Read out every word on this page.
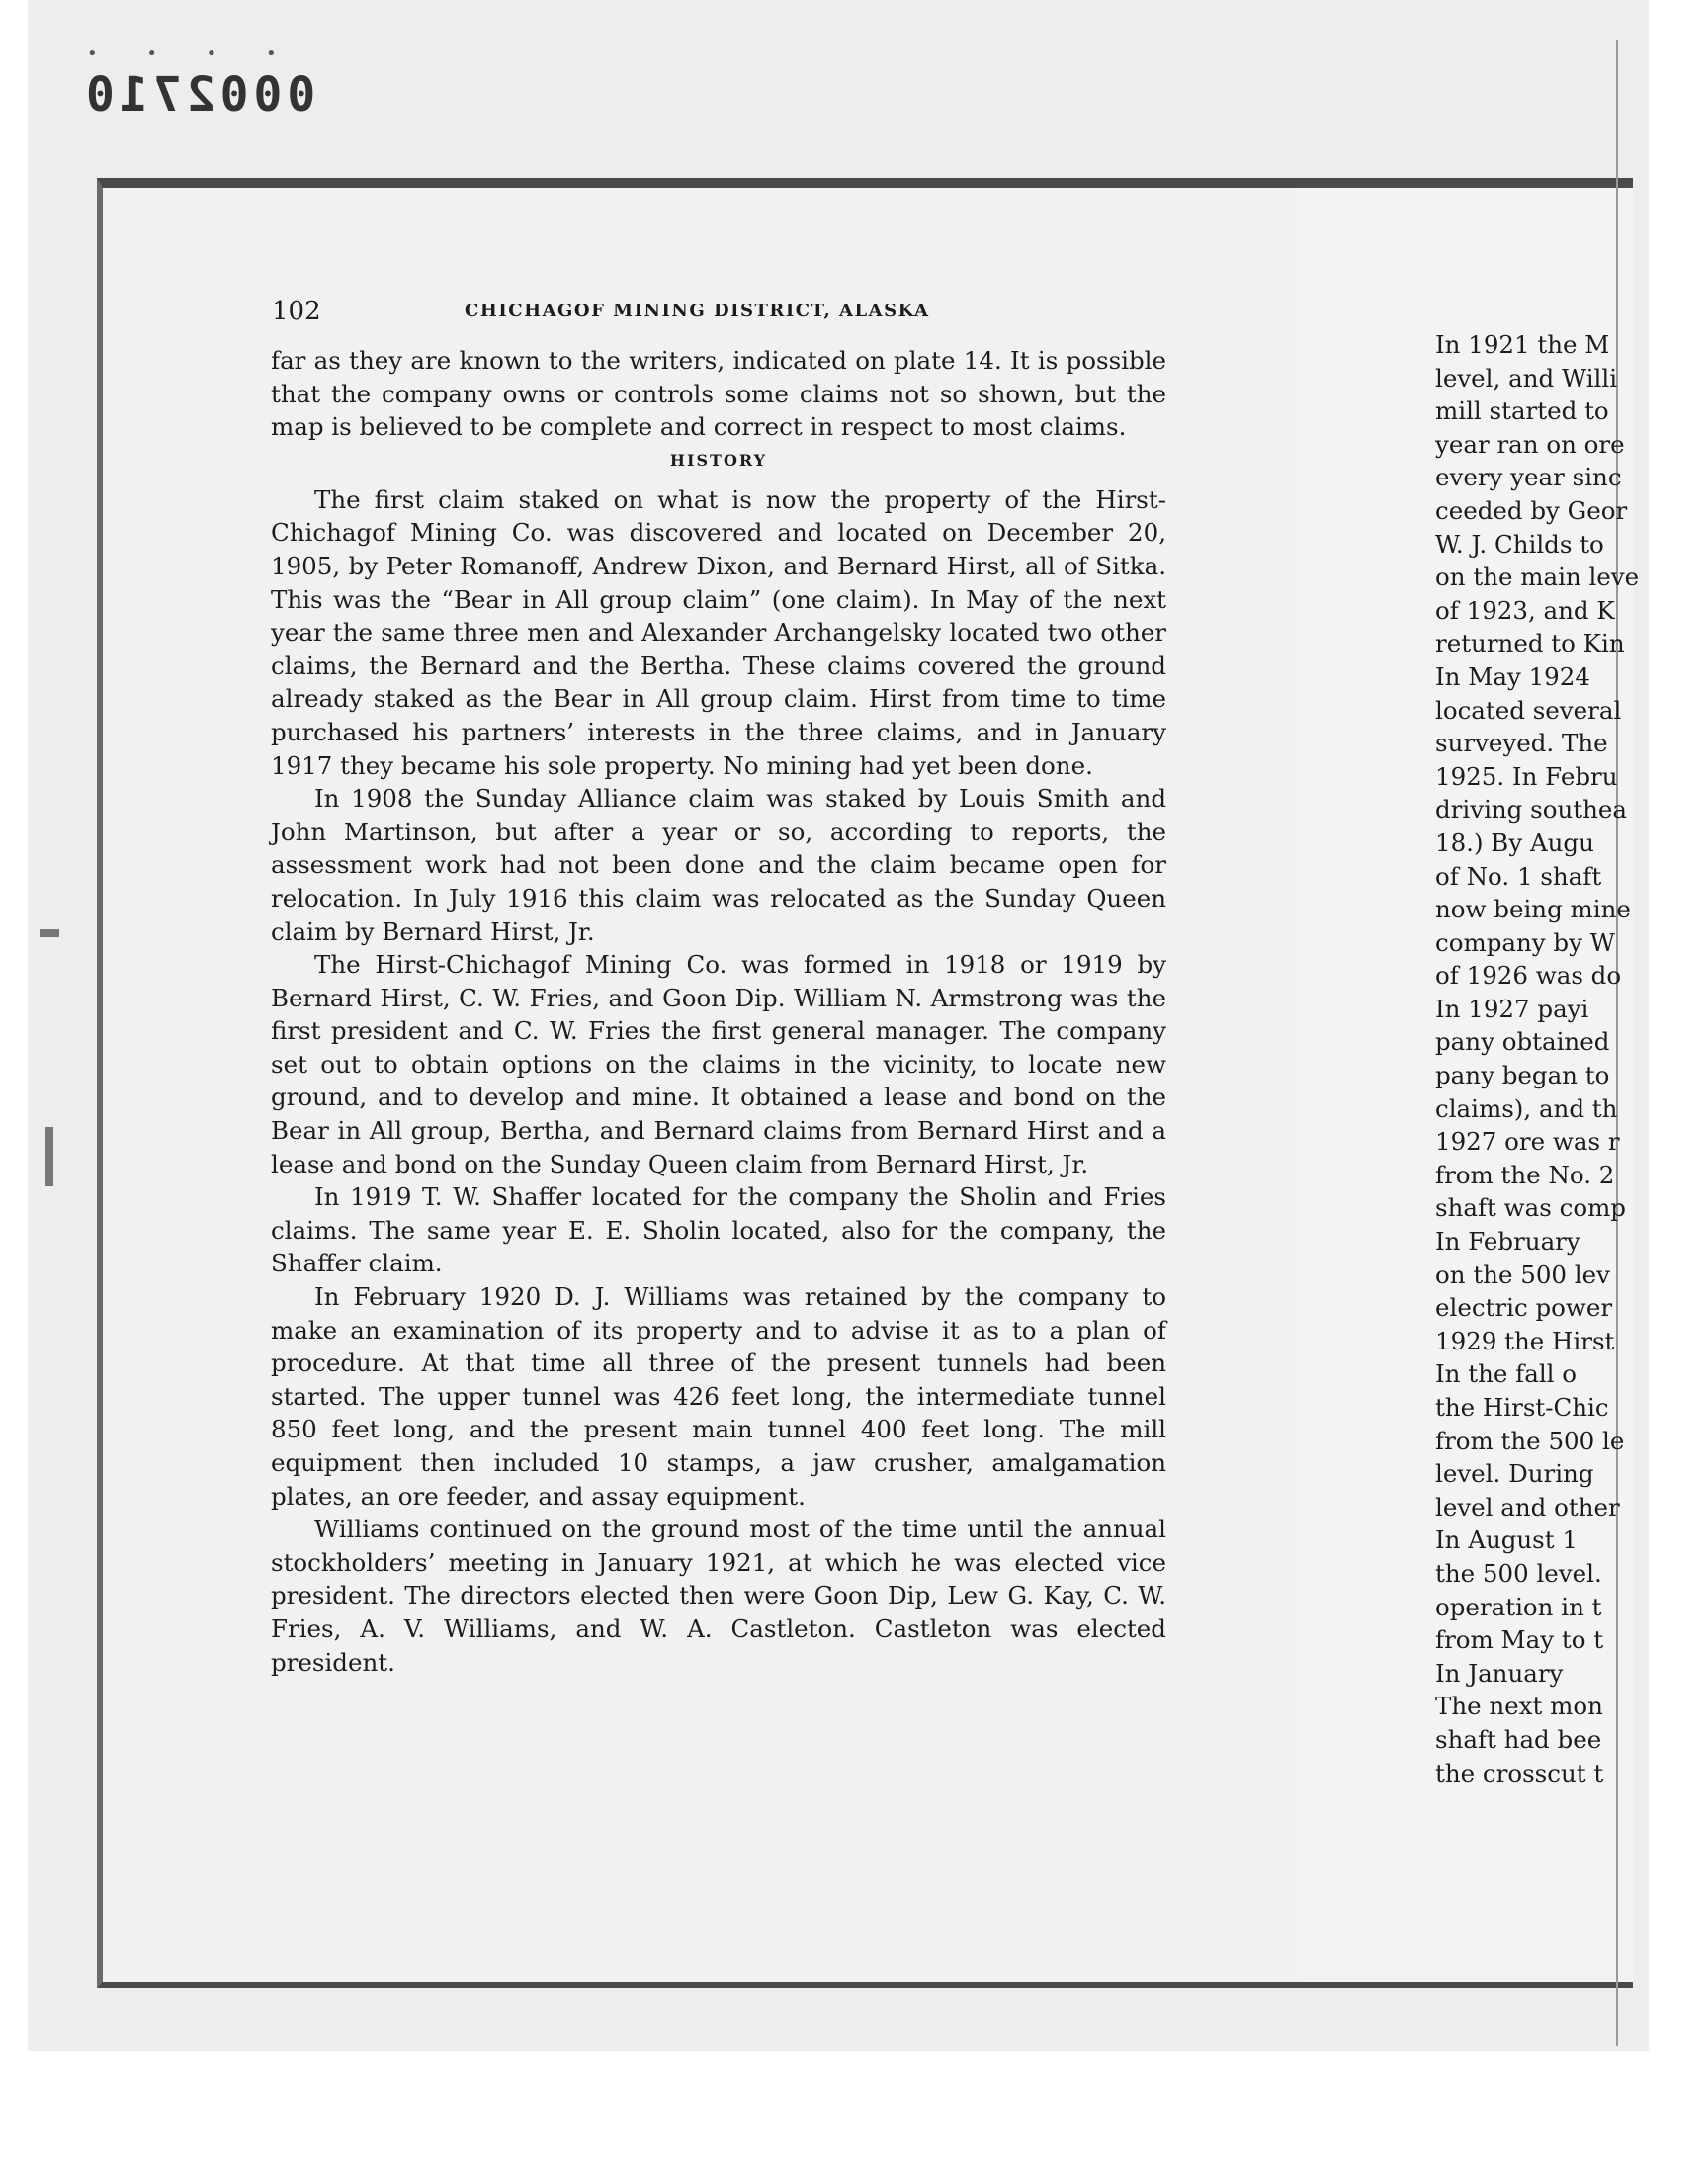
• • • •
0002710
102	CHICHAGOF MINING DISTRICT, ALASKA

far as they are known to the writers, indicated on plate 14. It is possible that the company owns or controls some claims not so shown, but the map is believed to be complete and correct in respect to most claims.

HISTORY

The first claim staked on what is now the property of the Hirst-Chichagof Mining Co. was discovered and located on December 20, 1905, by Peter Romanoff, Andrew Dixon, and Bernard Hirst, all of Sitka. This was the “Bear in All group claim” (one claim). In May of the next year the same three men and Alexander Archangelsky located two other claims, the Bernard and the Bertha. These claims covered the ground already staked as the Bear in All group claim. Hirst from time to time purchased his partners’ interests in the three claims, and in January 1917 they became his sole property. No mining had yet been done.

In 1908 the Sunday Alliance claim was staked by Louis Smith and John Martinson, but after a year or so, according to reports, the assessment work had not been done and the claim became open for relocation. In July 1916 this claim was relocated as the Sunday Queen claim by Bernard Hirst, Jr.

The Hirst-Chichagof Mining Co. was formed in 1918 or 1919 by Bernard Hirst, C. W. Fries, and Goon Dip. William N. Armstrong was the first president and C. W. Fries the first general manager. The company set out to obtain options on the claims in the vicinity, to locate new ground, and to develop and mine. It obtained a lease and bond on the Bear in All group, Bertha, and Bernard claims from Bernard Hirst and a lease and bond on the Sunday Queen claim from Bernard Hirst, Jr.

In 1919 T. W. Shaffer located for the company the Sholin and Fries claims. The same year E. E. Sholin located, also for the company, the Shaffer claim.

In February 1920 D. J. Williams was retained by the company to make an examination of its property and to advise it as to a plan of procedure. At that time all three of the present tunnels had been started. The upper tunnel was 426 feet long, the intermediate tunnel 850 feet long, and the present main tunnel 400 feet long. The mill equipment then included 10 stamps, a jaw crusher, amalgamation plates, an ore feeder, and assay equipment.

Williams continued on the ground most of the time until the annual stockholders’ meeting in January 1921, at which he was elected vice president. The directors elected then were Goon Dip, Lew G. Kay, C. W. Fries, A. V. Williams, and W. A. Castleton. Castleton was elected president.

In 1921 the M
level, and Willi
mill started to
year ran on ore
every year sinc
ceeded by Geor
W. J. Childs to
on the main leve
of 1923, and K
returned to Kin
In May 1924
located several
surveyed. The
1925. In Febru
driving southea
18.) By Augu
of No. 1 shaft
now being mine
company by W
of 1926 was do
In 1927 payi
pany obtained
pany began to
claims), and th
1927 ore was r
from the No. 2
shaft was comp
In February
on the 500 lev
electric power
1929 the Hirst
In the fall o
the Hirst-Chic
from the 500 le
level. During
level and other
In August 1
the 500 level.
operation in t
from May to t
In January
The next mon
shaft had bee
the crosscut t
